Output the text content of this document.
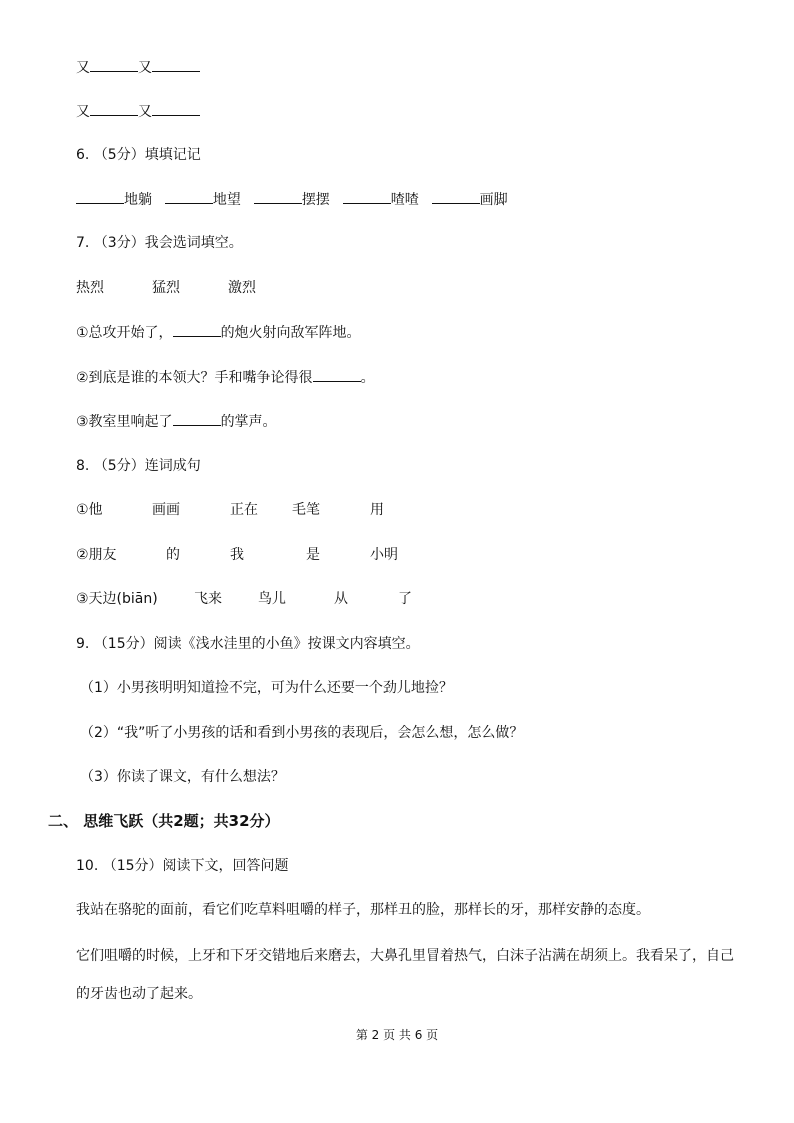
又	又
又	又
6. （5分）填填记记
地躺	地望	摆摆	喳喳	画脚
7. （3分）我会选词填空。
热烈	猛烈	激烈
①总攻开始了，	的炮火射向敌军阵地。
②到底是谁的本领大？手和嘴争论得很	。
③教室里响起了	的掌声。
8. （5分）连词成句
①他	画画	正在 毛笔	用
②朋友	的	我	是	小明
③天边(biān)	飞来	鸟儿	从	了
9. （15分）阅读《浅水洼里的小鱼》按课文内容填空。
（1）小男孩明明知道捡不完，可为什么还要一个劲儿地捡？
（2）“我”听了小男孩的话和看到小男孩的表现后，会怎么想，怎么做？
（3）你读了课文，有什么想法？
二、 思维飞跃（共2题；共32分）
10. （15分）阅读下文，回答问题
我站在骆驼的面前，看它们吃草料咀嚼的样子，那样丑的脸，那样长的牙，那样安静的态度。
它们咀嚼的时候，上牙和下牙交错地后来磨去，大鼻孔里冒着热气，白沫子沾满在胡须上。我看呆了，自己的牙齿也动了起来。
第 2 页 共 6 页
